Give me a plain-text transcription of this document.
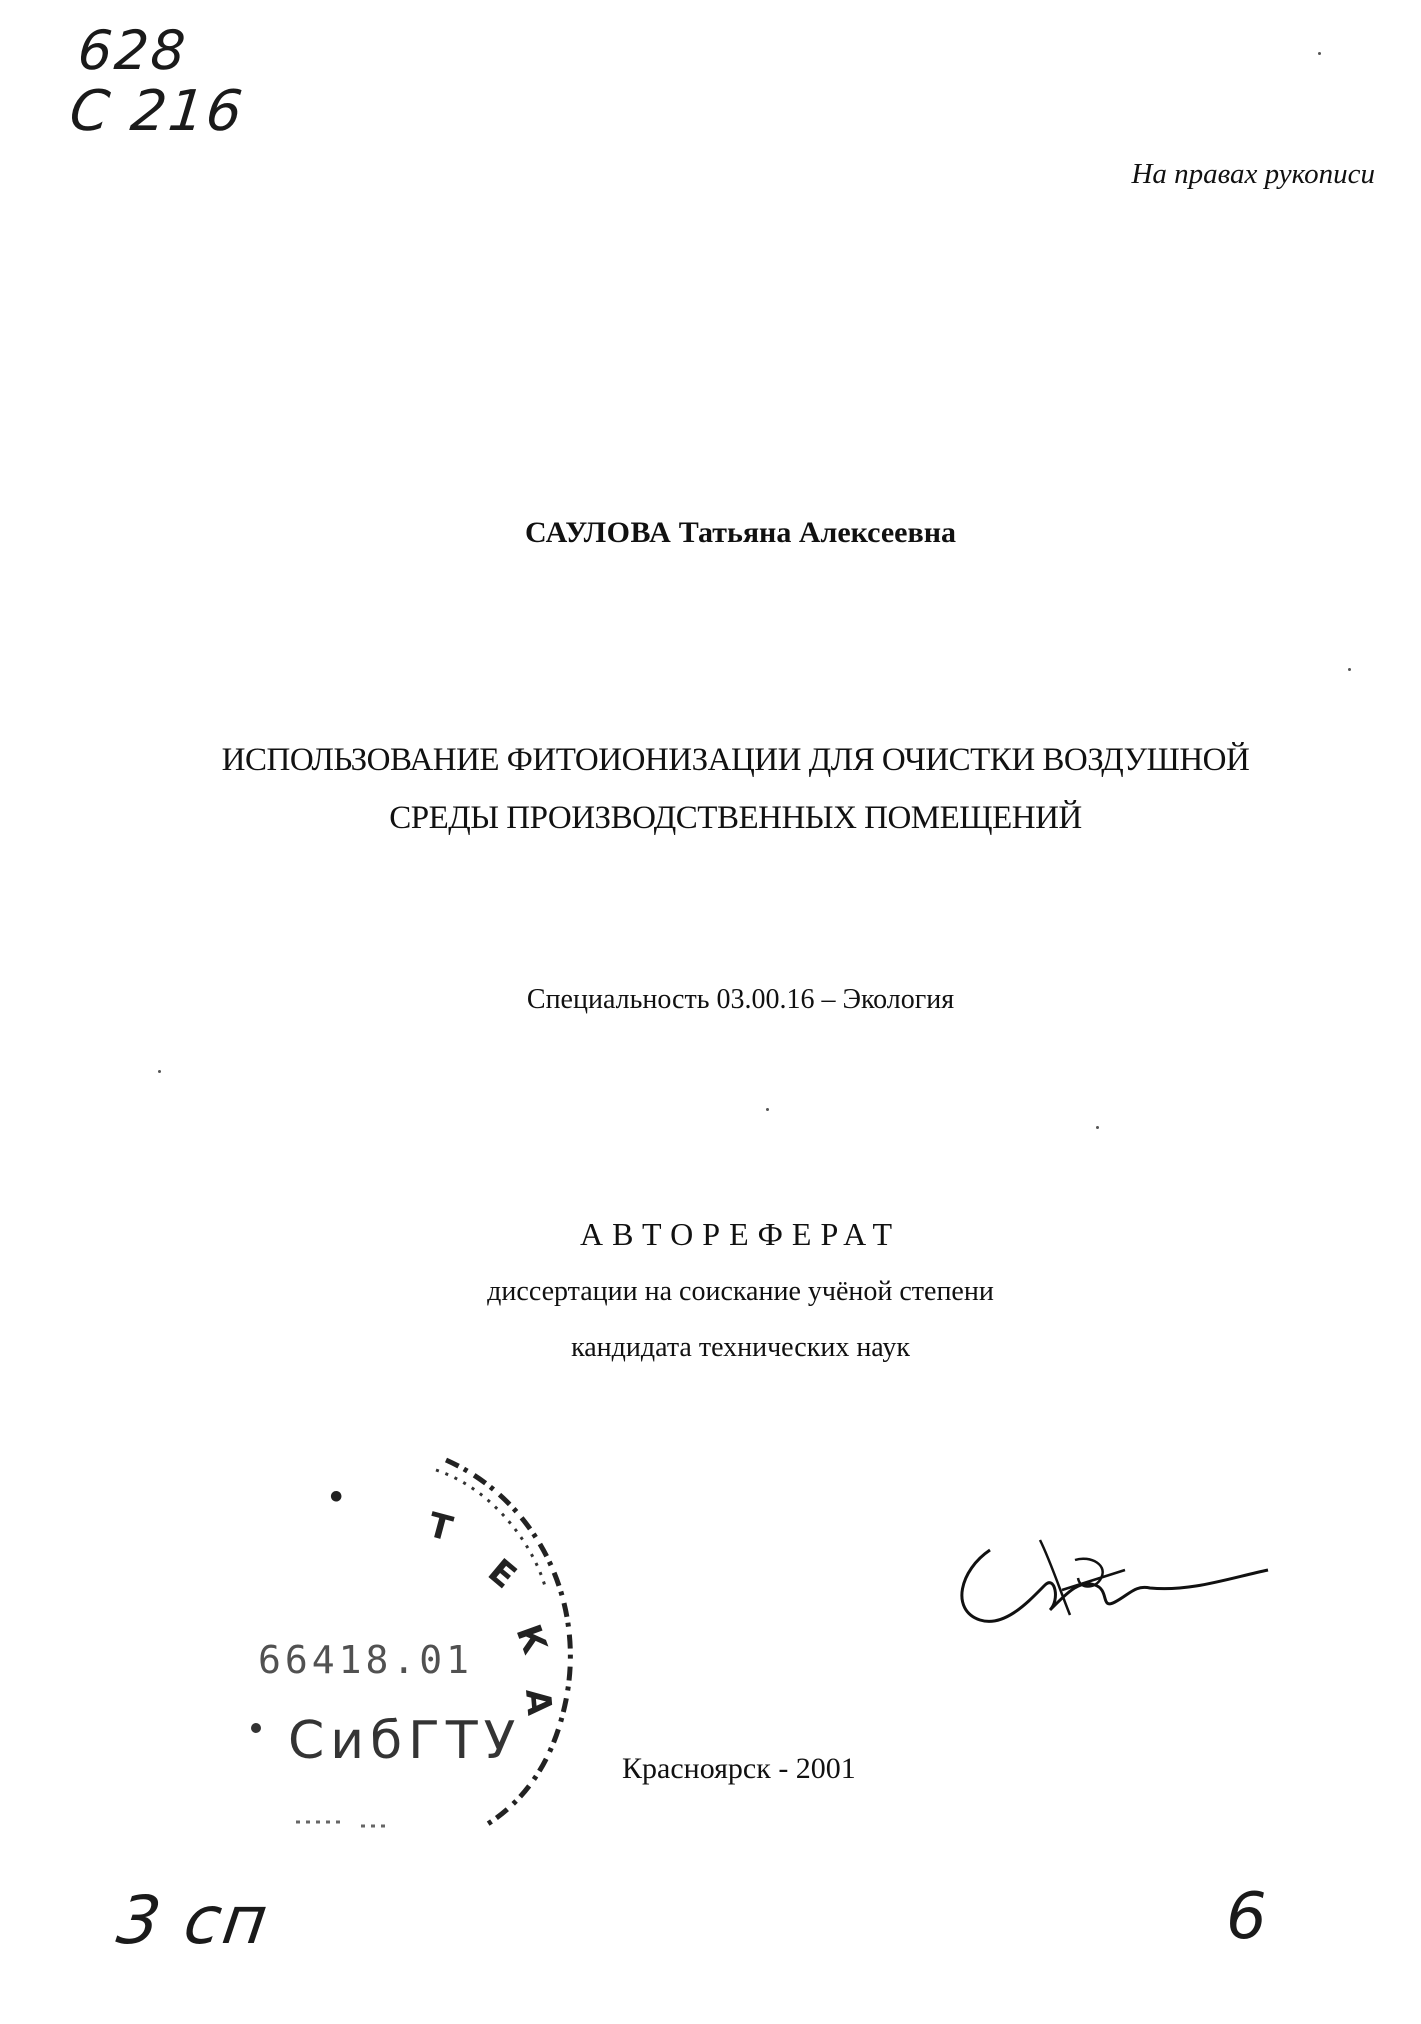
628
C 216
На правах рукописи
САУЛОВА Татьяна Алексеевна
ИСПОЛЬЗОВАНИЕ ФИТОИОНИЗАЦИИ ДЛЯ ОЧИСТКИ ВОЗДУШНОЙ
СРЕДЫ ПРОИЗВОДСТВЕННЫХ ПОМЕЩЕНИЙ
Специальность 03.00.16 – Экология
АВТОРЕФЕРАТ
диссертации на соискание учёной степени
кандидата технических наук
Т
Е
К
А
•
66418.01
СибГТУ	Красноярск - 2001
3 сп	6
